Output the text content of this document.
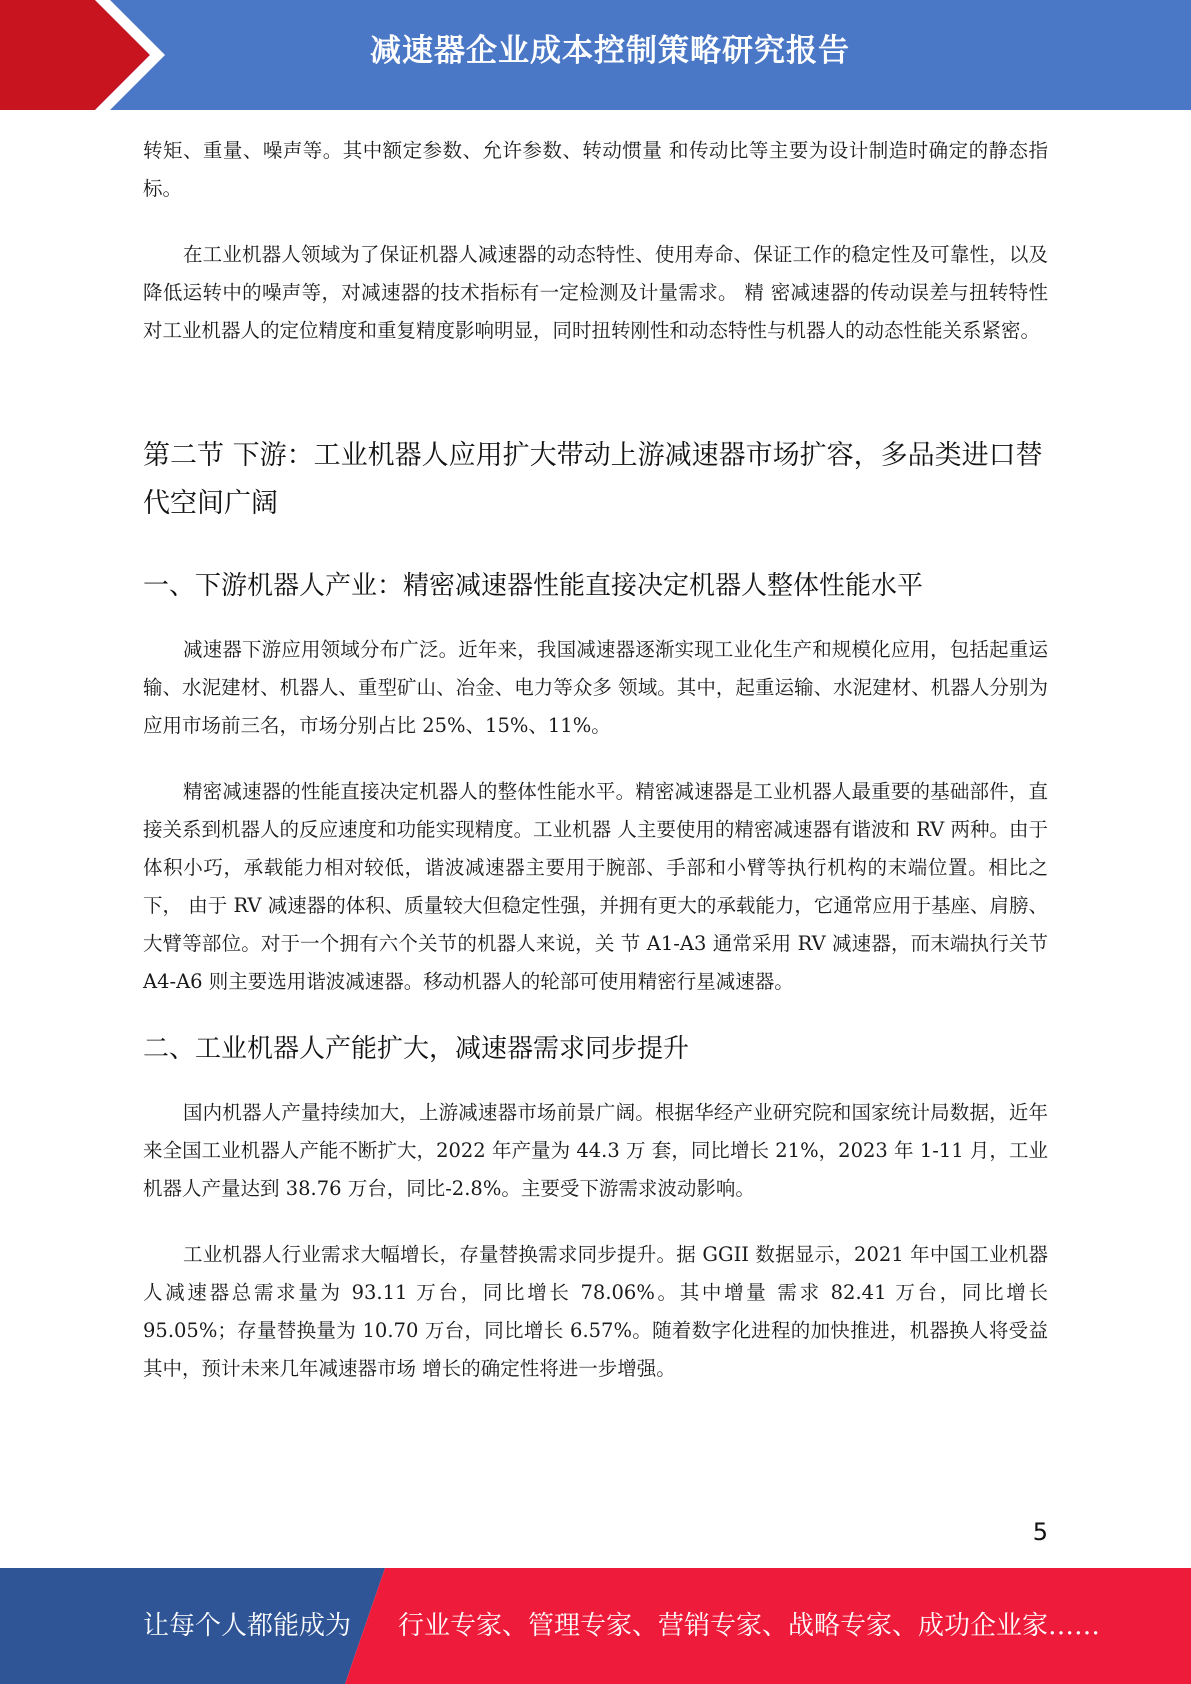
减速器企业成本控制策略研究报告

转矩、重量、噪声等。其中额定参数、允许参数、转动惯量 和传动比等主要为设计制造时确定的静态指标。

在工业机器人领域为了保证机器人减速器的动态特性、使用寿命、保证工作的稳定性及可靠性，以及降低运转中的噪声等，对减速器的技术指标有一定检测及计量需求。 精 密减速器的传动误差与扭转特性对工业机器人的定位精度和重复精度影响明显，同时扭转刚性和动态特性与机器人的动态性能关系紧密。

第二节 下游：工业机器人应用扩大带动上游减速器市场扩容，多品类进口替代空间广阔
一、下游机器人产业：精密减速器性能直接决定机器人整体性能水平

减速器下游应用领域分布广泛。近年来，我国减速器逐渐实现工业化生产和规模化应用，包括起重运输、水泥建材、机器人、重型矿山、冶金、电力等众多 领域。其中，起重运输、水泥建材、机器人分别为应用市场前三名，市场分别占比 25%、15%、11%。

精密减速器的性能直接决定机器人的整体性能水平。精密减速器是工业机器人最重要的基础部件，直接关系到机器人的反应速度和功能实现精度。工业机器 人主要使用的精密减速器有谐波和 RV 两种。由于体积小巧，承载能力相对较低，谐波减速器主要用于腕部、手部和小臂等执行机构的末端位置。相比之下， 由于 RV 减速器的体积、质量较大但稳定性强，并拥有更大的承载能力，它通常应用于基座、肩膀、大臂等部位。对于一个拥有六个关节的机器人来说，关 节 A1-A3 通常采用 RV 减速器，而末端执行关节 A4-A6 则主要选用谐波减速器。移动机器人的轮部可使用精密行星减速器。

二、工业机器人产能扩大，减速器需求同步提升

国内机器人产量持续加大，上游减速器市场前景广阔。根据华经产业研究院和国家统计局数据，近年来全国工业机器人产能不断扩大，2022 年产量为 44.3 万 套，同比增长 21%，2023 年 1-11 月，工业机器人产量达到 38.76 万台，同比-2.8%。主要受下游需求波动影响。

工业机器人行业需求大幅增长，存量替换需求同步提升。据 GGII 数据显示，2021 年中国工业机器人减速器总需求量为 93.11 万台，同比增长 78.06%。其中增量 需求 82.41 万台，同比增长 95.05%；存量替换量为 10.70 万台，同比增长 6.57%。随着数字化进程的加快推进，机器换人将受益其中，预计未来几年减速器市场 增长的确定性将进一步增强。

5
让每个人都能成为 行业专家、管理专家、营销专家、战略专家、成功企业家……
